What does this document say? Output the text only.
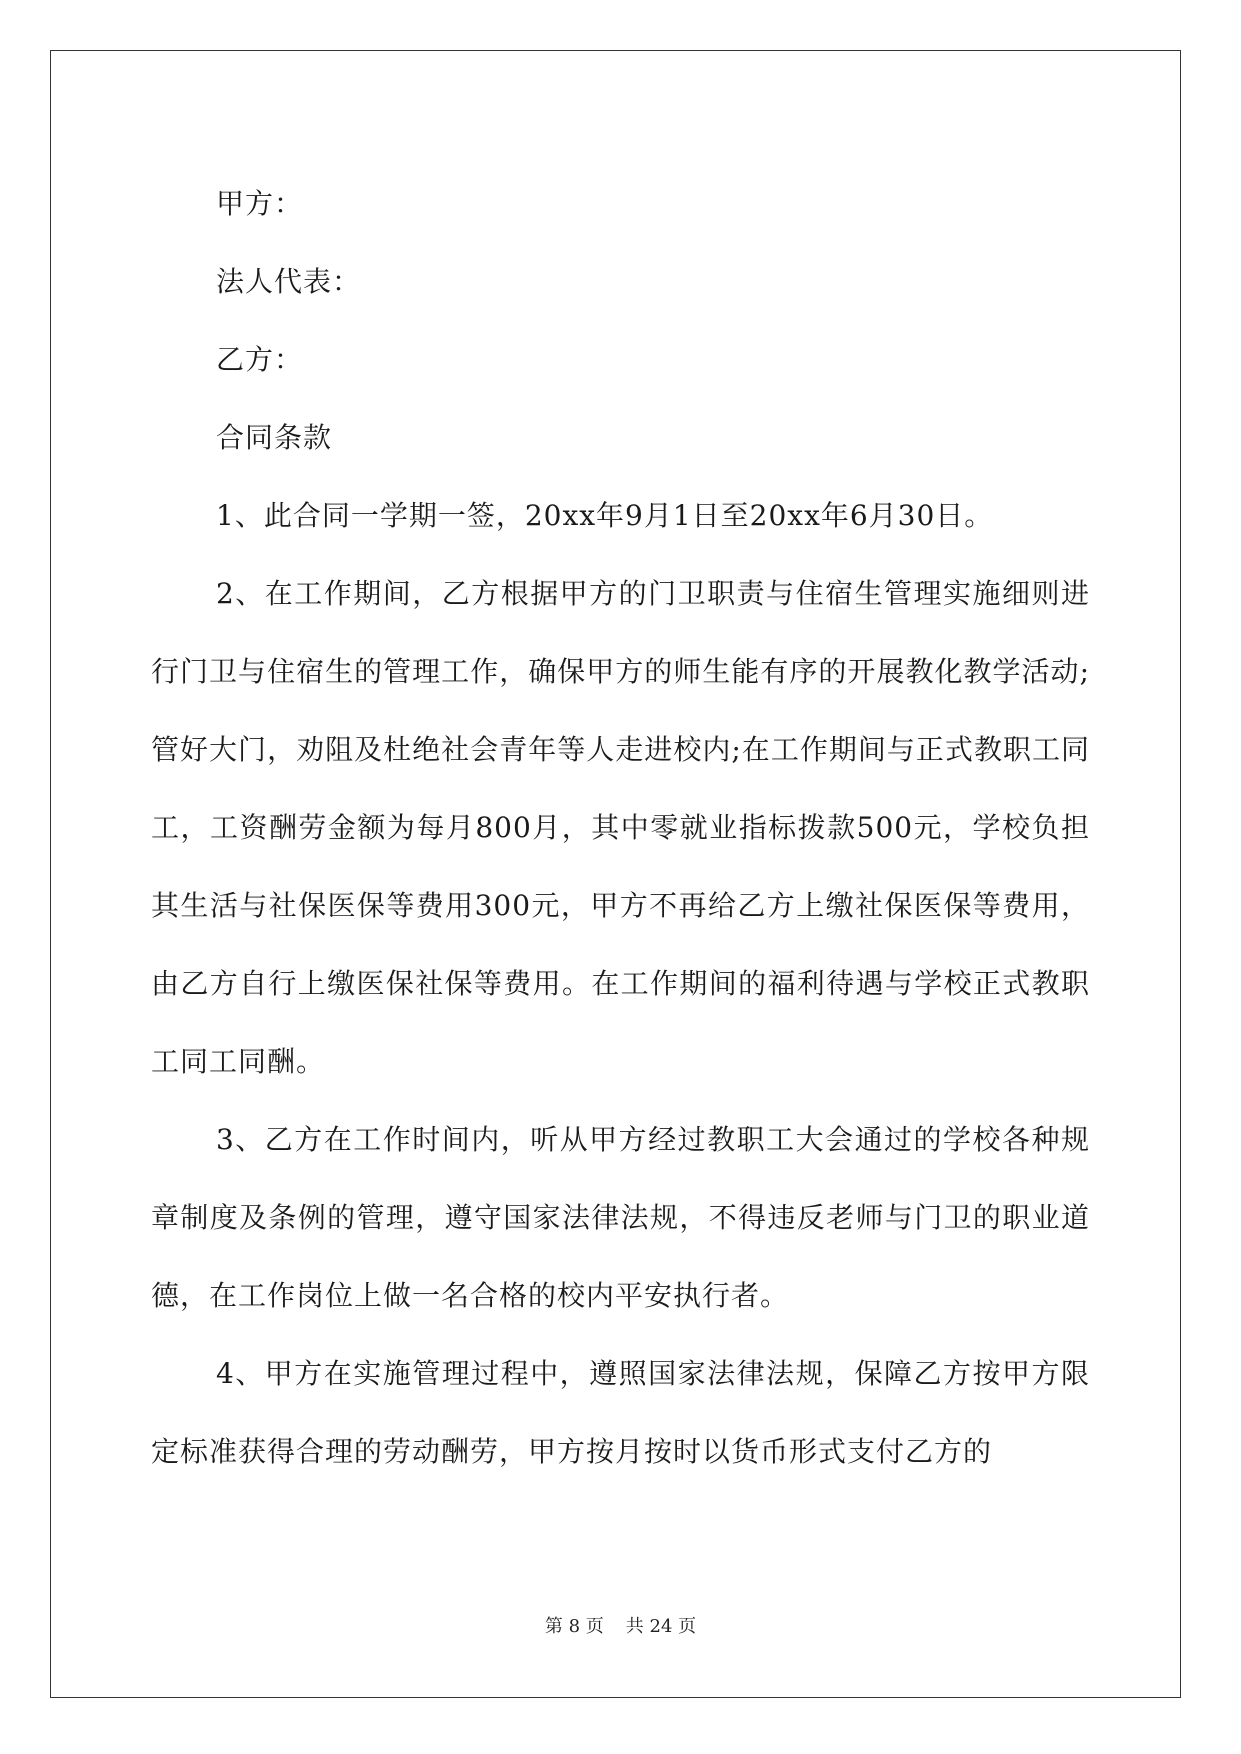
甲方：

法人代表：

乙方：

合同条款

1、此合同一学期一签，20xx年9月1日至20xx年6月30日。

2、在工作期间，乙方根据甲方的门卫职责与住宿生管理实施细则进行门卫与住宿生的管理工作，确保甲方的师生能有序的开展教化教学活动;管好大门，劝阻及杜绝社会青年等人走进校内;在工作期间与正式教职工同工，工资酬劳金额为每月800月，其中零就业指标拨款500元，学校负担其生活与社保医保等费用300元，甲方不再给乙方上缴社保医保等费用，由乙方自行上缴医保社保等费用。在工作期间的福利待遇与学校正式教职工同工同酬。

3、乙方在工作时间内，听从甲方经过教职工大会通过的学校各种规章制度及条例的管理，遵守国家法律法规，不得违反老师与门卫的职业道德，在工作岗位上做一名合格的校内平安执行者。

4、甲方在实施管理过程中，遵照国家法律法规，保障乙方按甲方限定标准获得合理的劳动酬劳，甲方按月按时以货币形式支付乙方的

第 8 页 共 24 页
